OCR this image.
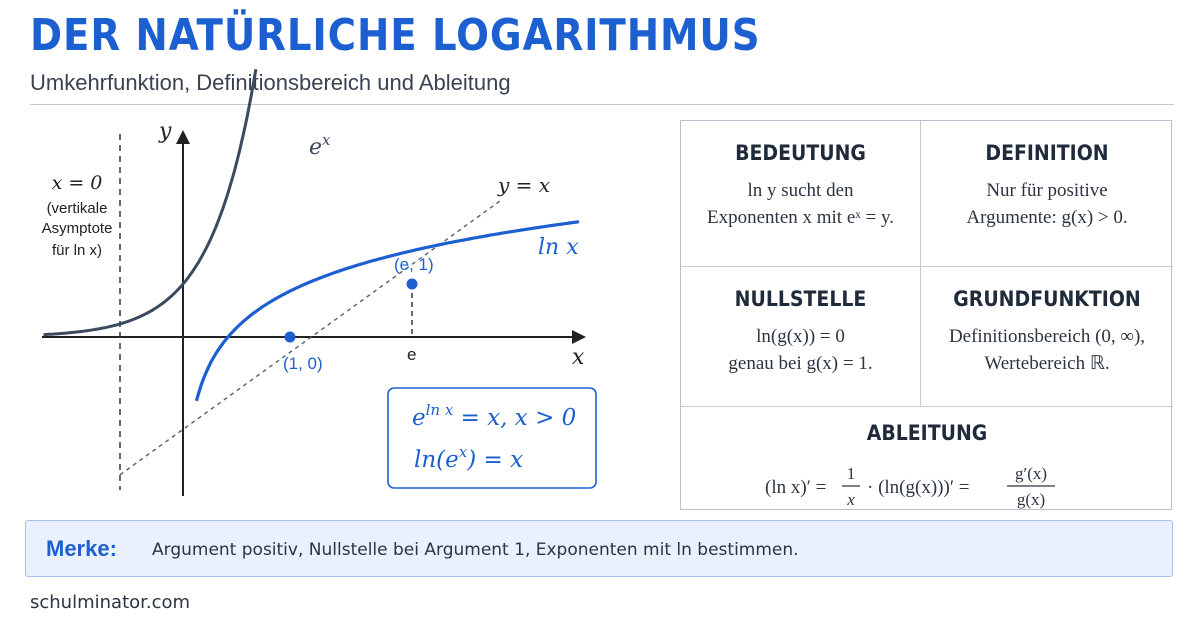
DER NATÜRLICHE LOGARITHMUS
Umkehrfunktion, Definitionsbereich und Ableitung
y
x
$e^x$
y = x
ln x
(1, 0)
(e, 1)
e
x = 0
(vertikale
Asymptote
für ln x)
$e^{ln x} = x$, x > 0
$\ln(e^x) = x$
BEDEUTUNG
ln y sucht den
Exponenten x mit eˣ = y.
DEFINITION
Nur für positive
Argumente: g(x) > 0.
NULLSTELLE
ln(g(x)) = 0
genau bei g(x) = 1.
GRUNDFUNKTION
Definitionsbereich (0, ∞),
Wertebereich ℝ.
ABLEITUNG
(ln x)′ =
1
x
· (ln(g(x)))′ =
g′(x)
g(x)
Merke: Argument positiv, Nullstelle bei Argument 1, Exponenten mit ln bestimmen.
schulminator.com
